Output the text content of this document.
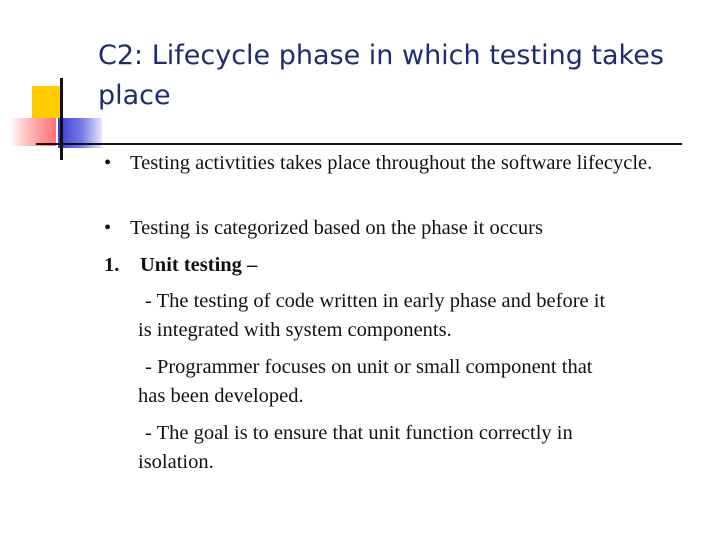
C2: Lifecycle phase in which testing takes place
• Testing activtities takes place throughout the software lifecycle.
• Testing is categorized based on the phase it occurs
1.	Unit testing –
- The testing of code written in early phase and before it
is integrated with system components.
- Programmer focuses on unit or small component that
has been developed.
- The goal is to ensure that unit function correctly in
isolation.
